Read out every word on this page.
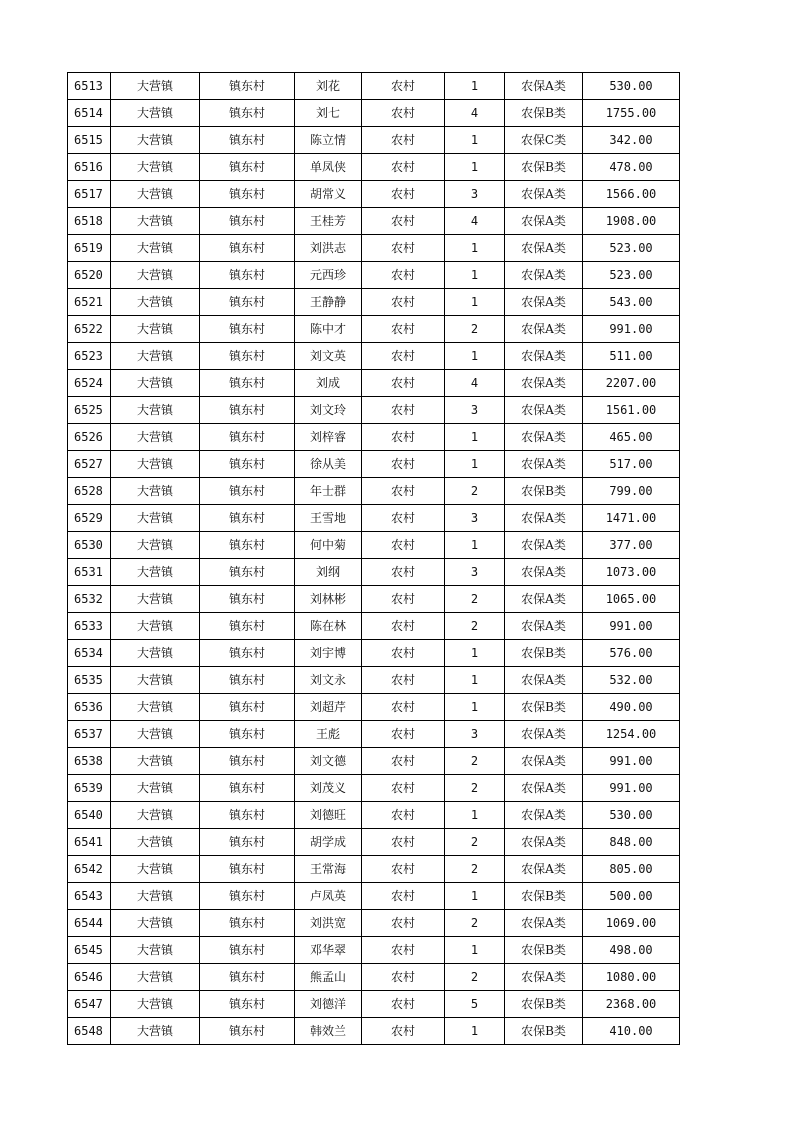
6513	大营镇	镇东村	刘花	农村	1	农保A类	530.00
6514	大营镇	镇东村	刘七	农村	4	农保B类	1755.00
6515	大营镇	镇东村	陈立情	农村	1	农保C类	342.00
6516	大营镇	镇东村	单凤侠	农村	1	农保B类	478.00
6517	大营镇	镇东村	胡常义	农村	3	农保A类	1566.00
6518	大营镇	镇东村	王桂芳	农村	4	农保A类	1908.00
6519	大营镇	镇东村	刘洪志	农村	1	农保A类	523.00
6520	大营镇	镇东村	元西珍	农村	1	农保A类	523.00
6521	大营镇	镇东村	王静静	农村	1	农保A类	543.00
6522	大营镇	镇东村	陈中才	农村	2	农保A类	991.00
6523	大营镇	镇东村	刘文英	农村	1	农保A类	511.00
6524	大营镇	镇东村	刘成	农村	4	农保A类	2207.00
6525	大营镇	镇东村	刘文玲	农村	3	农保A类	1561.00
6526	大营镇	镇东村	刘梓睿	农村	1	农保A类	465.00
6527	大营镇	镇东村	徐从美	农村	1	农保A类	517.00
6528	大营镇	镇东村	年士群	农村	2	农保B类	799.00
6529	大营镇	镇东村	王雪地	农村	3	农保A类	1471.00
6530	大营镇	镇东村	何中菊	农村	1	农保A类	377.00
6531	大营镇	镇东村	刘纲	农村	3	农保A类	1073.00
6532	大营镇	镇东村	刘林彬	农村	2	农保A类	1065.00
6533	大营镇	镇东村	陈在林	农村	2	农保A类	991.00
6534	大营镇	镇东村	刘宇博	农村	1	农保B类	576.00
6535	大营镇	镇东村	刘文永	农村	1	农保A类	532.00
6536	大营镇	镇东村	刘超芹	农村	1	农保B类	490.00
6537	大营镇	镇东村	王彪	农村	3	农保A类	1254.00
6538	大营镇	镇东村	刘文德	农村	2	农保A类	991.00
6539	大营镇	镇东村	刘茂义	农村	2	农保A类	991.00
6540	大营镇	镇东村	刘德旺	农村	1	农保A类	530.00
6541	大营镇	镇东村	胡学成	农村	2	农保A类	848.00
6542	大营镇	镇东村	王常海	农村	2	农保A类	805.00
6543	大营镇	镇东村	卢凤英	农村	1	农保B类	500.00
6544	大营镇	镇东村	刘洪宽	农村	2	农保A类	1069.00
6545	大营镇	镇东村	邓华翠	农村	1	农保B类	498.00
6546	大营镇	镇东村	熊孟山	农村	2	农保A类	1080.00
6547	大营镇	镇东村	刘德洋	农村	5	农保B类	2368.00
6548	大营镇	镇东村	韩效兰	农村	1	农保B类	410.00
